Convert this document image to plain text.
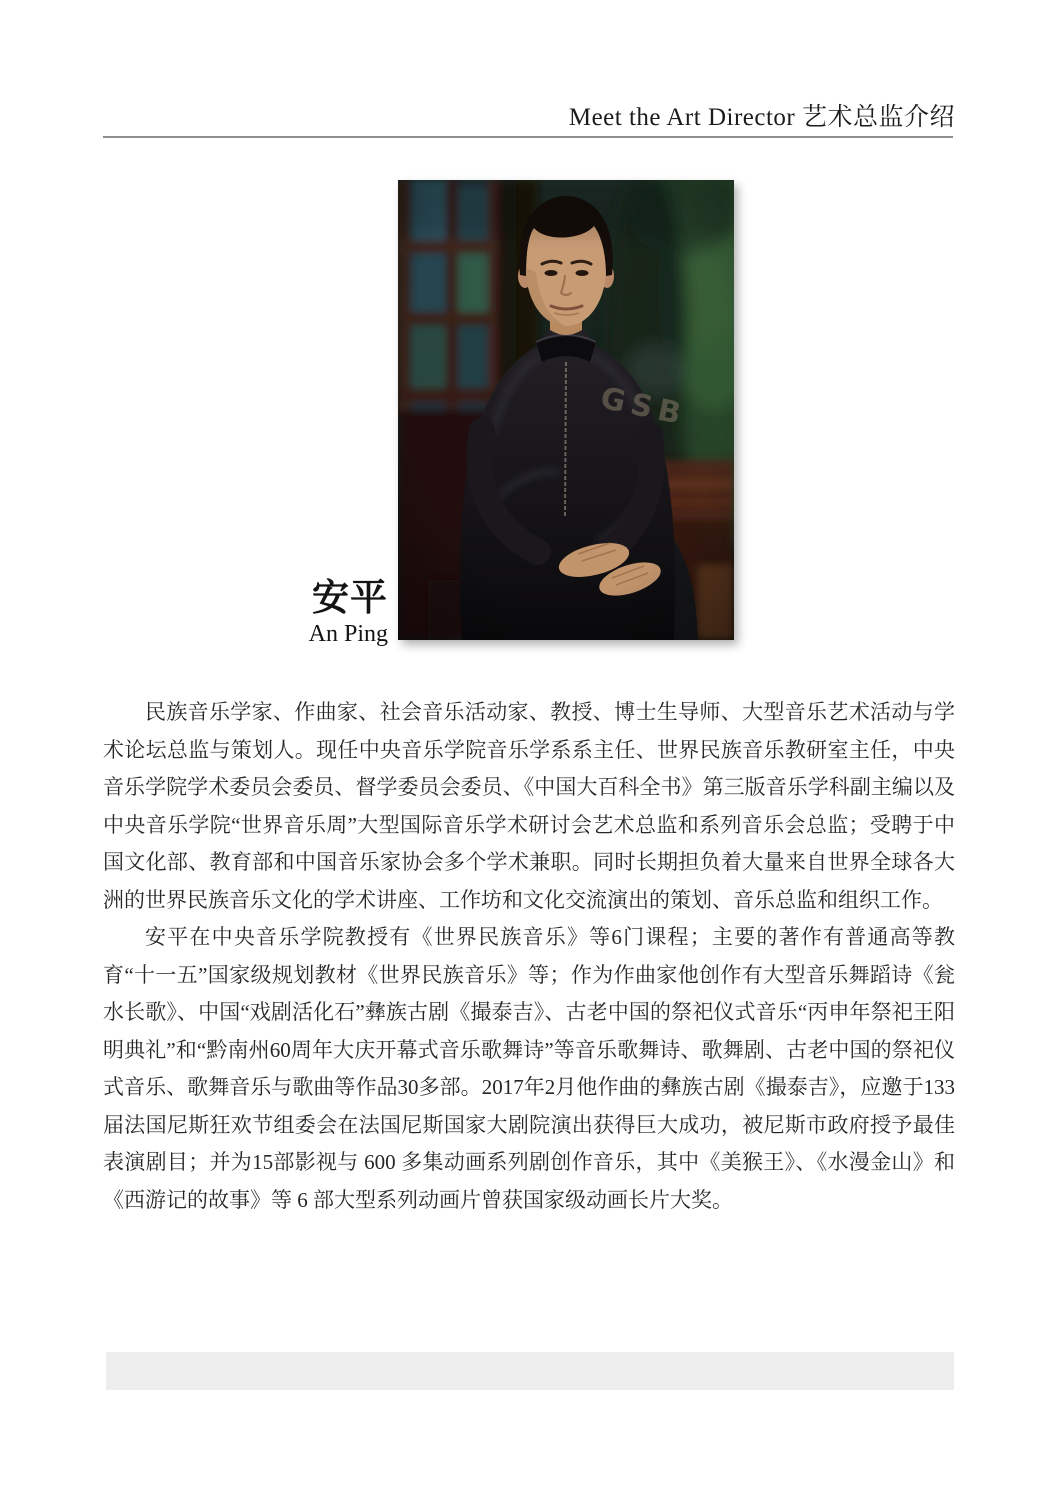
Meet the Art Director 艺术总监介绍
安平
An Ping

民族音乐学家、作曲家、社会音乐活动家、教授、博士生导师、大型音乐艺术活动与学术论坛总监与策划人。现任中央音乐学院音乐学系系主任、世界民族音乐教研室主任，中央音乐学院学术委员会委员、督学委员会委员、《中国大百科全书》第三版音乐学科副主编以及中央音乐学院“世界音乐周”大型国际音乐学术研讨会艺术总监和系列音乐会总监；受聘于中国文化部、教育部和中国音乐家协会多个学术兼职。同时长期担负着大量来自世界全球各大洲的世界民族音乐文化的学术讲座、工作坊和文化交流演出的策划、音乐总监和组织工作。

安平在中央音乐学院教授有《世界民族音乐》等6门课程；主要的著作有普通高等教育“十一五”国家级规划教材《世界民族音乐》等；作为作曲家他创作有大型音乐舞蹈诗《瓮水长歌》、中国“戏剧活化石”彝族古剧《撮泰吉》、古老中国的祭祀仪式音乐“丙申年祭祀王阳明典礼”和“黔南州60周年大庆开幕式音乐歌舞诗”等音乐歌舞诗、歌舞剧、古老中国的祭祀仪式音乐、歌舞音乐与歌曲等作品30多部。2017年2月他作曲的彝族古剧《撮泰吉》，应邀于133届法国尼斯狂欢节组委会在法国尼斯国家大剧院演出获得巨大成功，被尼斯市政府授予最佳表演剧目；并为15部影视与 600 多集动画系列剧创作音乐，其中《美猴王》、《水漫金山》和《西游记的故事》等 6 部大型系列动画片曾获国家级动画长片大奖。
